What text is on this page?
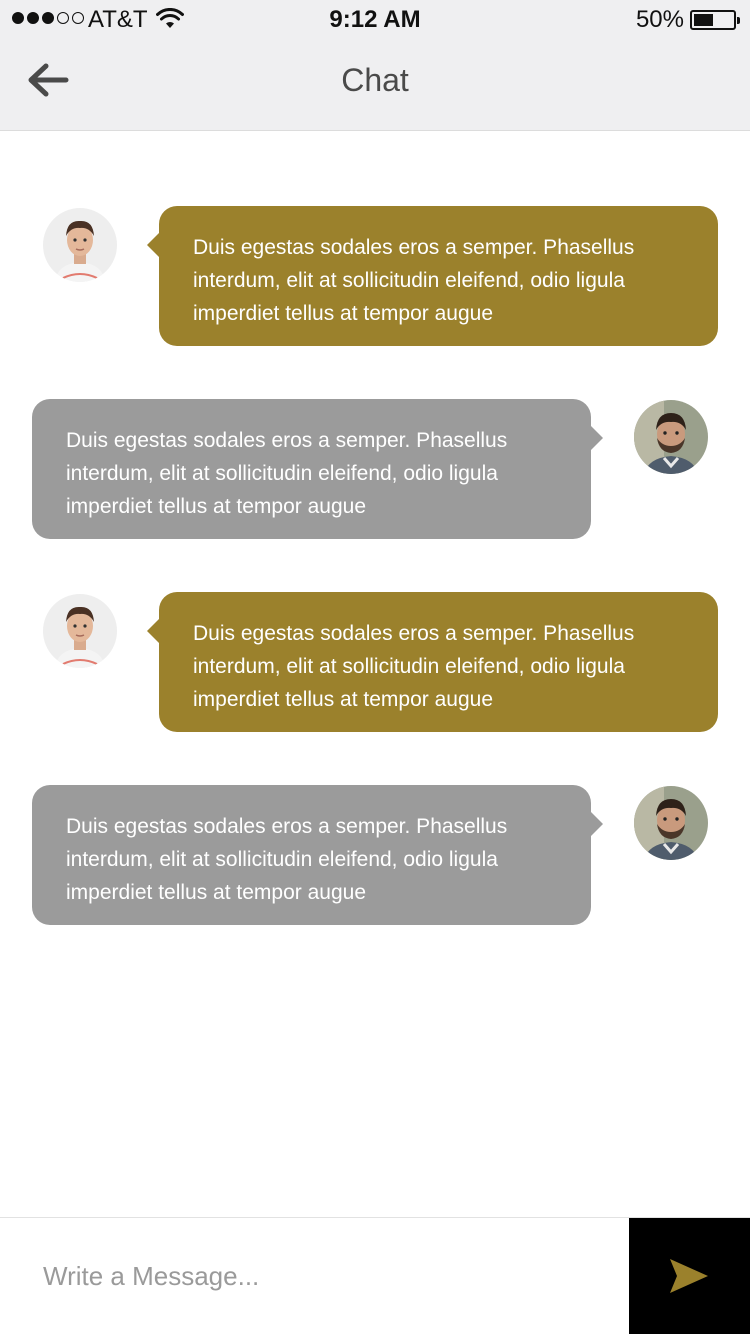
AT&T	9:12 AM	50%
Chat
Duis egestas sodales eros a semper. Phasellus interdum, elit at sollicitudin eleifend, odio ligula imperdiet tellus at tempor augue
Duis egestas sodales eros a semper. Phasellus interdum, elit at sollicitudin eleifend, odio ligula imperdiet tellus at tempor augue
Duis egestas sodales eros a semper. Phasellus interdum, elit at sollicitudin eleifend, odio ligula imperdiet tellus at tempor augue
Duis egestas sodales eros a semper. Phasellus interdum, elit at sollicitudin eleifend, odio ligula imperdiet tellus at tempor augue
Write a Message...
